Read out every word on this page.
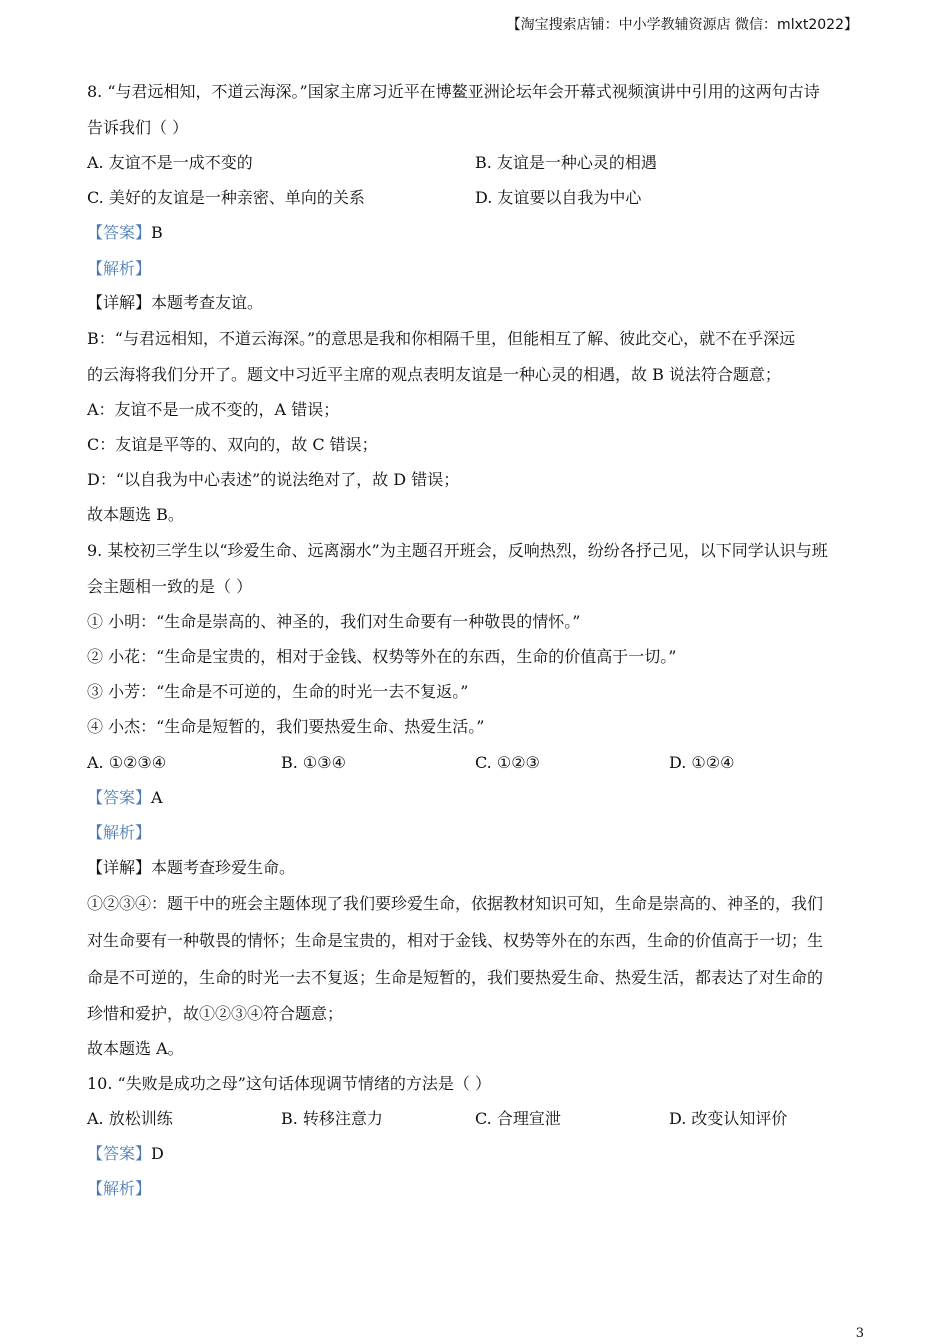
【淘宝搜索店铺：中小学教辅资源店 微信：mlxt2022】
8. “与君远相知，不道云海深。”国家主席习近平在博鳌亚洲论坛年会开幕式视频演讲中引用的这两句古诗
告诉我们（ ）
A. 友谊不是一成不变的	B. 友谊是一种心灵的相遇
C. 美好的友谊是一种亲密、单向的关系	D. 友谊要以自我为中心
【答案】B
【解析】
【详解】本题考查友谊。
B：“与君远相知，不道云海深。”的意思是我和你相隔千里，但能相互了解、彼此交心，就不在乎深远
的云海将我们分开了。题文中习近平主席的观点表明友谊是一种心灵的相遇，故 B 说法符合题意；
A：友谊不是一成不变的，A 错误；
C：友谊是平等的、双向的，故 C 错误；
D：“以自我为中心表述”的说法绝对了，故 D 错误；
故本题选 B。
9. 某校初三学生以“珍爱生命、远离溺水”为主题召开班会，反响热烈，纷纷各抒己见，以下同学认识与班
会主题相一致的是（ ）
① 小明：“生命是崇高的、神圣的，我们对生命要有一种敬畏的情怀。”
② 小花：“生命是宝贵的，相对于金钱、权势等外在的东西，生命的价值高于一切。”
③ 小芳：“生命是不可逆的，生命的时光一去不复返。”
④ 小杰：“生命是短暂的，我们要热爱生命、热爱生活。”
A. ①②③④	B. ①③④	C. ①②③	D. ①②④
【答案】A
【解析】
【详解】本题考查珍爱生命。
①②③④：题干中的班会主题体现了我们要珍爱生命，依据教材知识可知，生命是崇高的、神圣的，我们
对生命要有一种敬畏的情怀；生命是宝贵的，相对于金钱、权势等外在的东西，生命的价值高于一切；生
命是不可逆的，生命的时光一去不复返；生命是短暂的，我们要热爱生命、热爱生活，都表达了对生命的
珍惜和爱护，故①②③④符合题意；
故本题选 A。
10. “失败是成功之母”这句话体现调节情绪的方法是（ ）
A. 放松训练	B. 转移注意力	C. 合理宣泄	D. 改变认知评价
【答案】D
【解析】
3
